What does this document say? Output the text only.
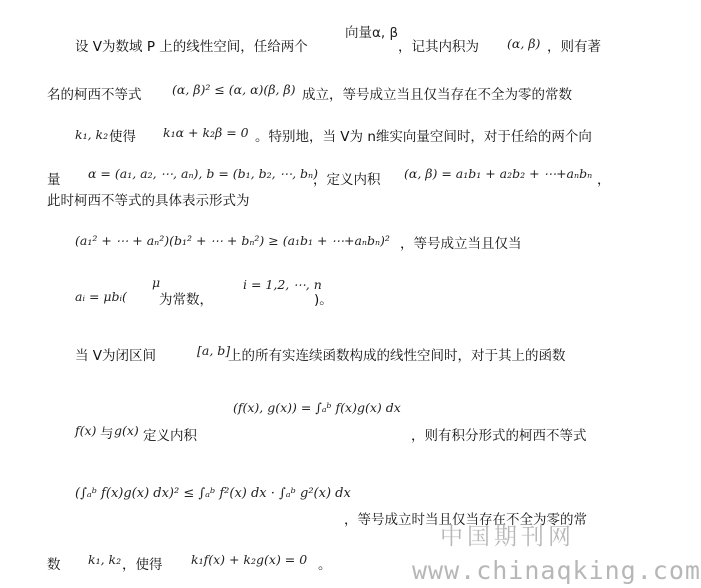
设 V为数域 P 上的线性空间，任给两个
向量α, β
，记其内积为 (α, β) ，则有著
名的柯西不等式 (α, β)² ≤ (α, α)(β, β) 成立，等号成立当且仅当存在不全为零的常数
k₁, k₂ 使得 k₁α + k₂β = 0 。特别地，当 V为 n维实向量空间时，对于任给的两个向
量 α = (a₁, a₂, ⋯, aₙ), b = (b₁, b₂, ⋯, bₙ)
，定义内积 (α, β) = a₁b₁ + a₂b₂ + ⋯+aₙbₙ ，
此时柯西不等式的具体表示形式为
(a₁² + ⋯ + aₙ²)(b₁² + ⋯ + bₙ²) ≥ (a₁b₁ + ⋯+aₙbₙ)² ，等号成立当且仅当
aᵢ = μbᵢ(
μ
为常数，
i = 1,2, ⋯, n
)。
当 V为闭区间	[a, b]
上的所有实连续函数构成的线性空间时，对于其上的函数
(f(x), g(x)) = ∫ₐᵇ f(x)g(x) dx
f(x) 与 g(x) 定义内积	，则有积分形式的柯西不等式
(∫ₐᵇ f(x)g(x) dx)² ≤ ∫ₐᵇ f²(x) dx · ∫ₐᵇ g²(x) dx
，等号成立时当且仅当存在不全为零的常
数 k₁, k₂ ，使得 k₁f(x) + k₂g(x) = 0 。
中国期刊网
www.chinaqking.com
